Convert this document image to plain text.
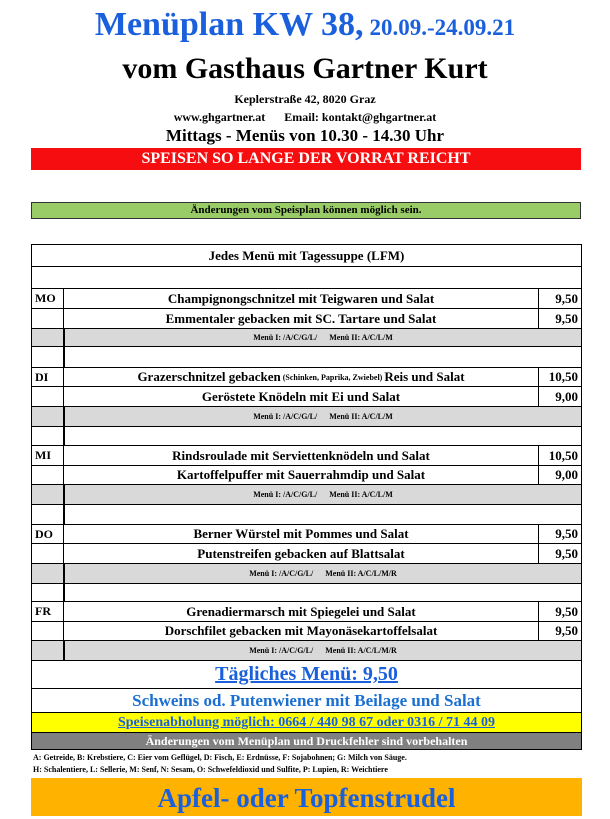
Menüplan KW 38, 20.09.-24.09.21
vom Gasthaus Gartner Kurt
Keplerstraße 42, 8020 Graz
www.ghgartner.at Email: kontakt@ghgartner.at
Mittags - Menüs von 10.30 - 14.30 Uhr
SPEISEN SO LANGE DER VORRAT REICHT
Änderungen vom Speisplan können möglich sein.
Jedes Menü mit Tagessuppe (LFM)
MO	Champignongschnitzel mit Teigwaren und Salat	9,50
Emmentaler gebacken mit SC. Tartare und Salat	9,50
Menü I: /A/C/G/L/ Menü II: A/C/L/M
DI	Grazerschnitzel gebacken (Schinken, Paprika, Zwiebel) Reis und Salat	10,50
Geröstete Knödeln mit Ei und Salat	9,00
Menü I: /A/C/G/L/ Menü II: A/C/L/M
MI	Rindsroulade mit Serviettenknödeln und Salat	10,50
Kartoffelpuffer mit Sauerrahmdip und Salat	9,00
Menü I: /A/C/G/L/ Menü II: A/C/L/M
DO	Berner Würstel mit Pommes und Salat	9,50
Putenstreifen gebacken auf Blattsalat	9,50
Menü I: /A/C/G/L/ Menü II: A/C/L/M/R
FR	Grenadiermarsch mit Spiegelei und Salat	9,50
Dorschfilet gebacken mit Mayonäsekartoffelsalat	9,50
Menü I: /A/C/G/L/ Menü II: A/C/L/M/R
Tägliches Menü: 9,50
Schweins od. Putenwiener mit Beilage und Salat
Speisenabholung möglich: 0664 / 440 98 67 oder 0316 / 71 44 09
Änderungen vom Menüplan und Druckfehler sind vorbehalten
A: Getreide, B: Krebstiere, C: Eier vom Geflügel, D: Fisch, E: Erdnüsse, F: Sojabohnen; G: Milch von Säuge.
H: Schalentiere, L: Sellerie, M: Senf, N: Sesam, O: Schwefeldioxid und Sulfite, P: Lupien, R: Weichtiere
Apfel- oder Topfenstrudel
